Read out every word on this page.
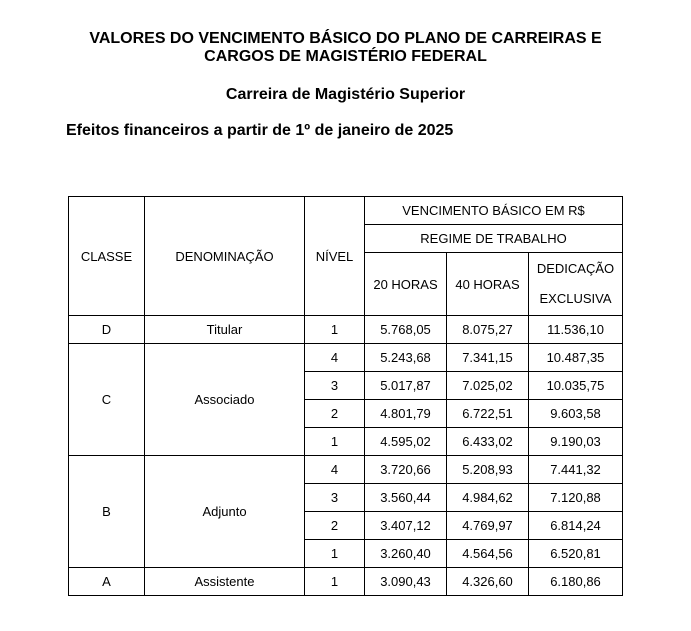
VALORES DO VENCIMENTO BÁSICO DO PLANO DE CARREIRAS E
CARGOS DE MAGISTÉRIO FEDERAL
Carreira de Magistério Superior
Efeitos financeiros a partir de 1º de janeiro de 2025
CLASSE	DENOMINAÇÃO	NÍVEL	VENCIMENTO BÁSICO EM R$		
			REGIME DE TRABALHO		
			20 HORAS	40 HORAS	DEDICAÇÃO
EXCLUSIVA

D	Titular	1	5.768,05	8.075,27	11.536,10
C	Associado	4	5.243,68	7.341,15	10.487,35
		3	5.017,87	7.025,02	10.035,75
		2	4.801,79	6.722,51	9.603,58
		1	4.595,02	6.433,02	9.190,03
B	Adjunto	4	3.720,66	5.208,93	7.441,32
		3	3.560,44	4.984,62	7.120,88
		2	3.407,12	4.769,97	6.814,24
		1	3.260,40	4.564,56	6.520,81
A	Assistente	1	3.090,43	4.326,60	6.180,86
